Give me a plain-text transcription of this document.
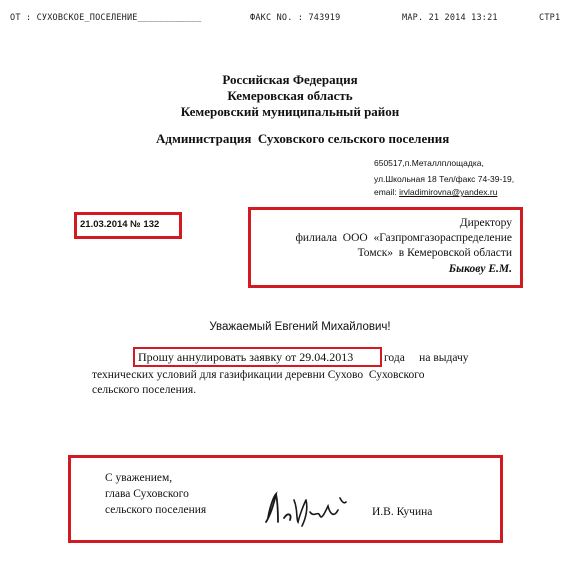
ОТ : СУХОВСКОЕ_ПОСЕЛЕНИЕ____________	ФАКС NO. : 743919	МАР. 21 2014 13:21	СТР1
Российская Федерация
Кемеровская область
Кемеровский муниципальный район
Администрация  Суховского сельского поселения
650517,п.Металлплощадка,
ул.Школьная 18 Тел/факс 74-39-19,
email: irvladimirovna@yandex.ru
21.03.2014 № 132	Директору
филиала  ООО  «Газпромгазораспределение
Томск»  в Кемеровской области
Быкову Е.М.
Уважаемый Евгений Михайлович!
Прошу аннулировать заявку от 29.04.2013	года     на выдачу
технических условий для газификации деревни Сухово  Суховского
сельского поселения.
С уважением,
глава Суховского
сельского поселения	И.В. Кучина
